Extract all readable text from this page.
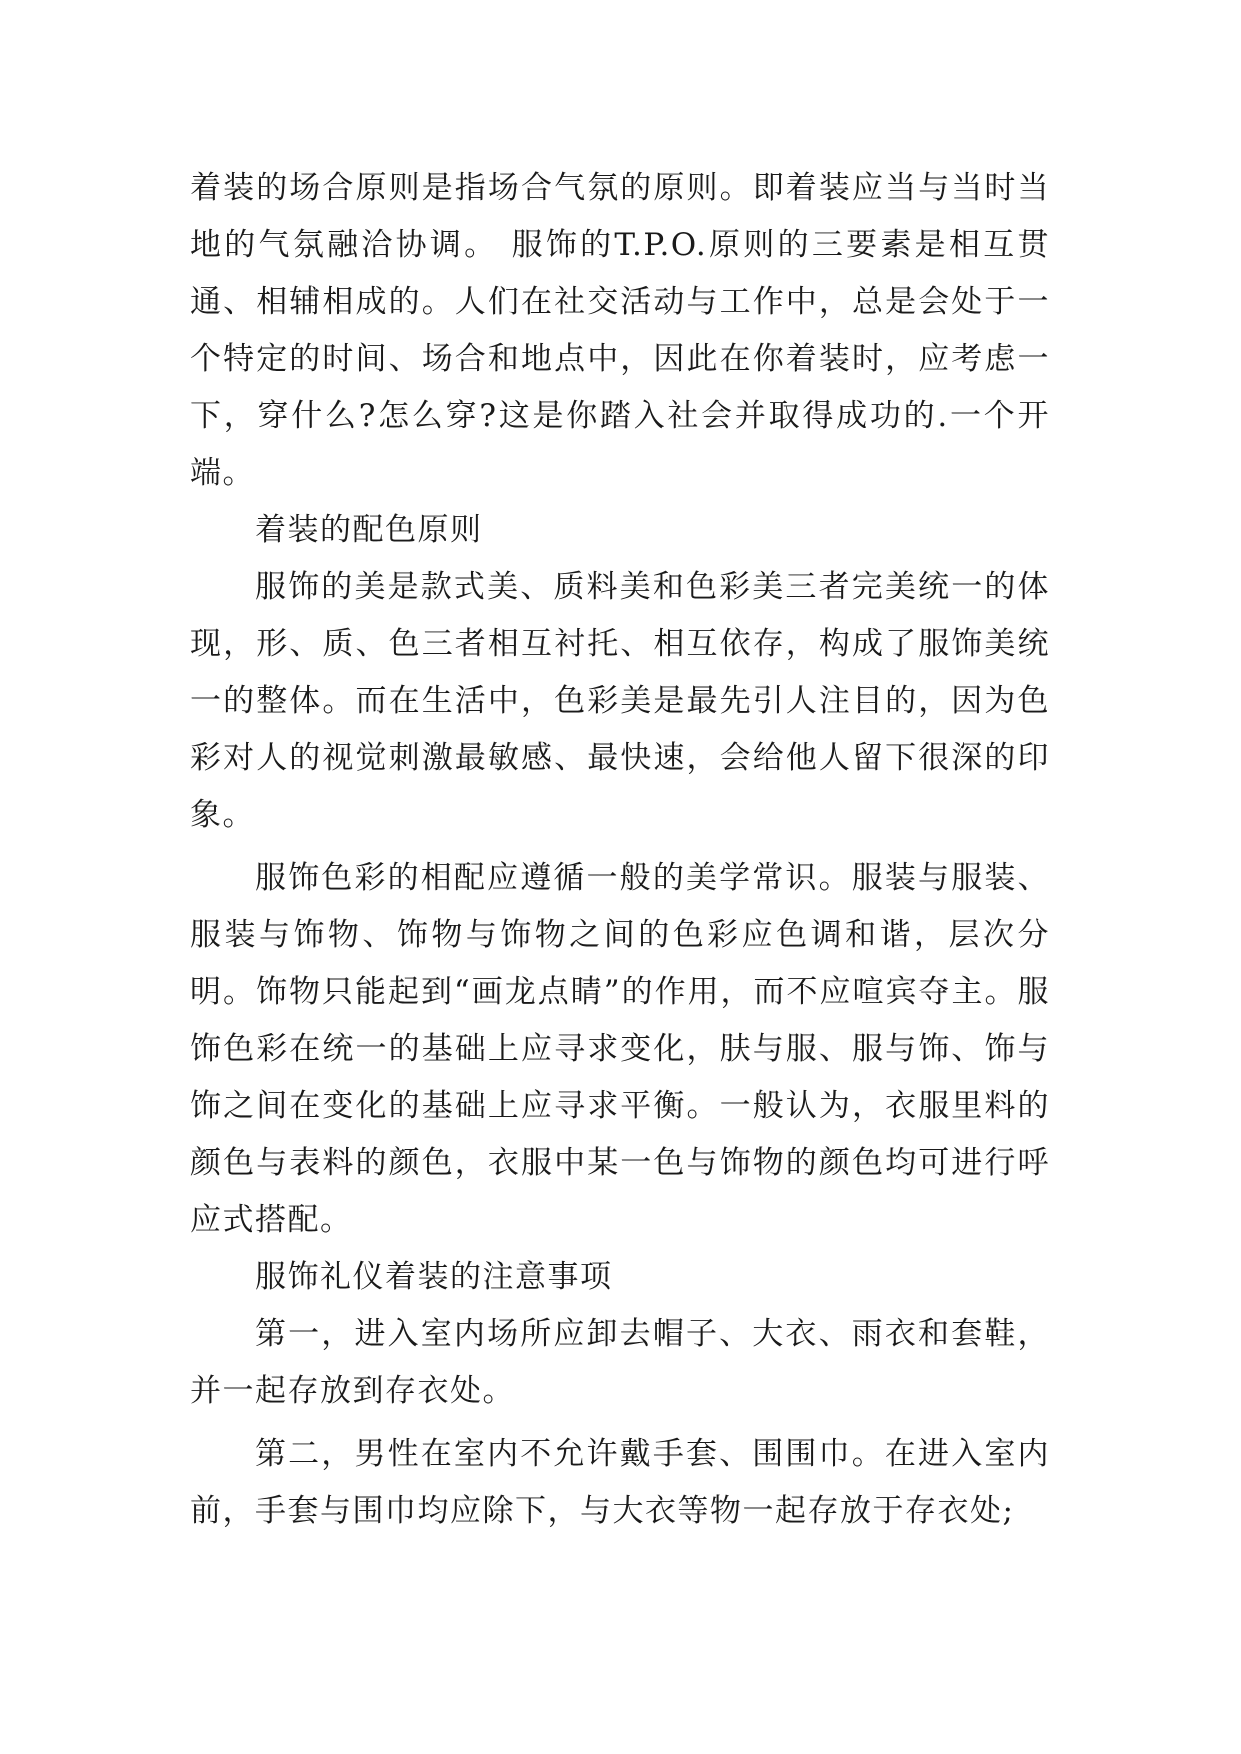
着装的场合原则是指场合气氛的原则。即着装应当与当时当地的气氛融洽协调。 服饰的T.P.O.原则的三要素是相互贯通、相辅相成的。人们在社交活动与工作中，总是会处于一个特定的时间、场合和地点中，因此在你着装时，应考虑一下，穿什么?怎么穿?这是你踏入社会并取得成功的.一个开端。

着装的配色原则

服饰的美是款式美、质料美和色彩美三者完美统一的体现，形、质、色三者相互衬托、相互依存，构成了服饰美统一的整体。而在生活中，色彩美是最先引人注目的，因为色彩对人的视觉刺激最敏感、最快速，会给他人留下很深的印象。

服饰色彩的相配应遵循一般的美学常识。服装与服装、服装与饰物、饰物与饰物之间的色彩应色调和谐，层次分明。饰物只能起到“画龙点睛”的作用，而不应喧宾夺主。服饰色彩在统一的基础上应寻求变化，肤与服、服与饰、饰与饰之间在变化的基础上应寻求平衡。一般认为，衣服里料的颜色与表料的颜色，衣服中某一色与饰物的颜色均可进行呼应式搭配。

服饰礼仪着装的注意事项

第一，进入室内场所应卸去帽子、大衣、雨衣和套鞋，并一起存放到存衣处。

第二，男性在室内不允许戴手套、围围巾。在进入室内前，手套与围巾均应除下，与大衣等物一起存放于存衣处;
